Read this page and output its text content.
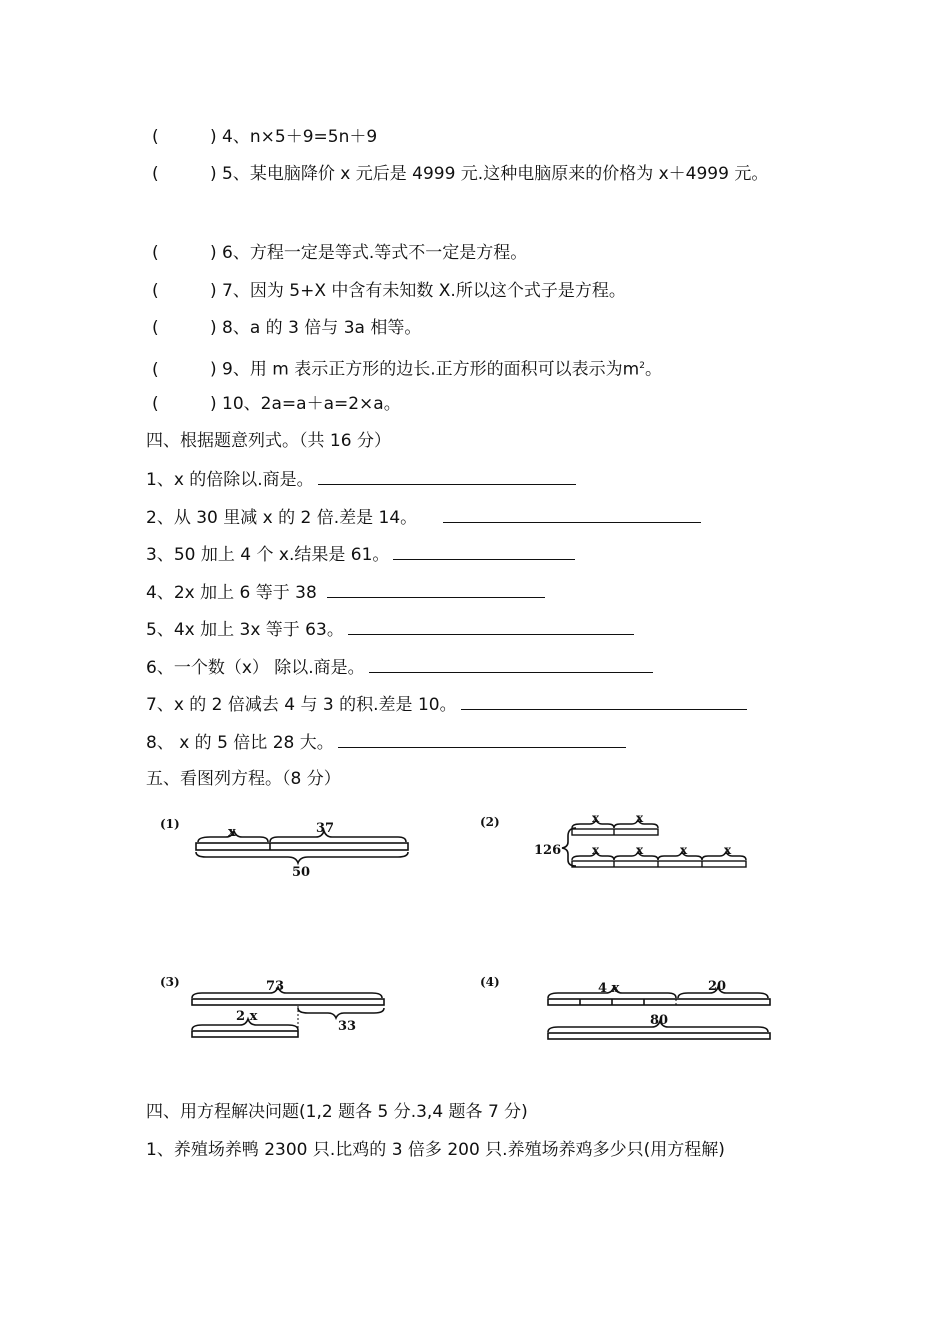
(	) 4、n×5＋9=5n＋9
(	) 5、某电脑降价 x 元后是 4999 元.这种电脑原来的价格为 x＋4999 元。
(	) 6、方程一定是等式.等式不一定是方程。
(	) 7、因为 5+X 中含有未知数 X.所以这个式子是方程。
(	) 8、a 的 3 倍与 3a 相等。
(	) 9、用 m 表示正方形的边长.正方形的面积可以表示为$m^2$。
(	) 10、2a=a＋a=2×a。
四、根据题意列式。（共 16 分）
1、x 的倍除以.商是。
2、从 30 里减 x 的 2 倍.差是 14。
3、50 加上 4 个 x.结果是 61。
4、2x 加上 6 等于 38
5、4x 加上 3x 等于 63。
6、一个数（x） 除以.商是。
7、x 的 2 倍减去 4 与 3 的积.差是 10。
8、 x 的 5 倍比 28 大。
五、看图列方程。（8 分）
(1)
x	37
50
(2)
126
x	x
x	x	x	x
(3)	73
33
2 x
(4)	4 x	20
80
四、用方程解决问题(1,2 题各 5 分.3,4 题各 7 分)
1、养殖场养鸭 2300 只.比鸡的 3 倍多 200 只.养殖场养鸡多少只(用方程解)
